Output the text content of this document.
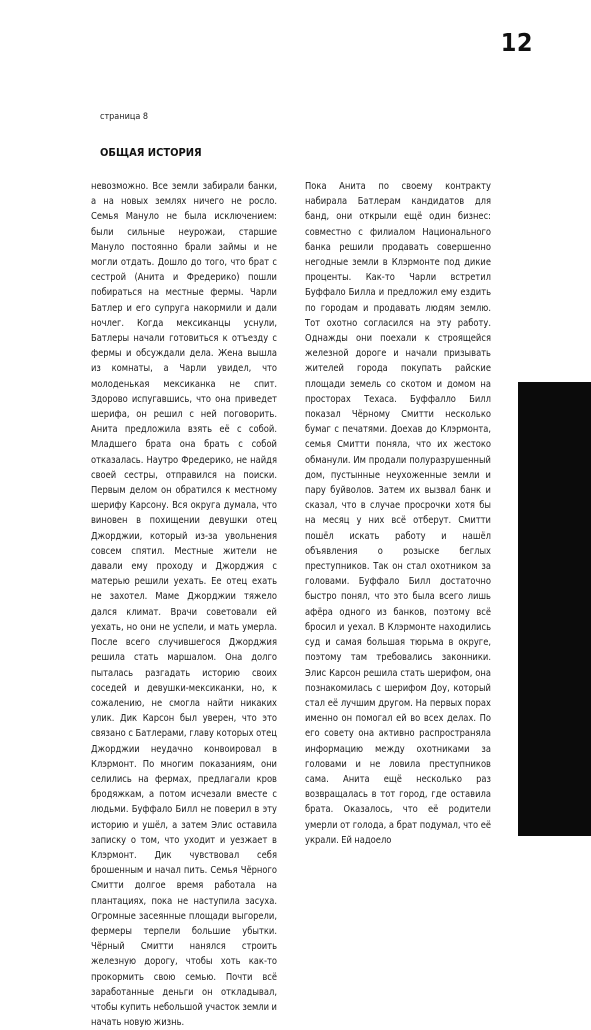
12
страница 8
ОБЩАЯ ИСТОРИЯ

невозможно. Все земли забирали банки, а на новых землях ничего не росло. Семья Мануло не была исключением: были сильные неурожаи, старшие Мануло постоянно брали займы и не могли отдать. Дошло до того, что брат с сестрой (Анита и Фредерико) пошли побираться на местные фермы. Чарли Батлер и его супруга накормили и дали ночлег. Когда мексиканцы уснули, Батлеры начали готовиться к отъезду с фермы и обсуждали дела. Жена вышла из комнаты, а Чарли увидел, что молоденькая мексиканка не спит. Здорово испугавшись, что она приведет шерифа, он решил с ней поговорить. Анита предложила взять её с собой. Младшего брата она брать с собой отказалась. Наутро Фредерико, не найдя своей сестры, отправился на поиски. Первым делом он обратился к местному шерифу Карсону. Вся округа думала, что виновен в похищении девушки отец Джорджии, который из-за увольнения совсем спятил. Местные жители не давали ему проходу и Джорджия с матерью решили уехать. Ее отец ехать не захотел. Маме Джорджии тяжело дался климат. Врачи советовали ей уехать, но они не успели, и мать умерла. После всего случившегося Джорджия решила стать маршалом. Она долго пыталась разгадать историю своих соседей и девушки-мексиканки, но, к сожалению, не смогла найти никаких улик. Дик Карсон был уверен, что это связано с Батлерами, главу которых отец Джорджии неудачно конвоировал в Клэрмонт. По многим показаниям, они селились на фермах, предлагали кров бродяжкам, а потом исчезали вместе с людьми. Буффало Билл не поверил в эту историю и ушёл, а затем Элис оставила записку о том, что уходит и уезжает в Клэрмонт. Дик чувствовал себя брошенным и начал пить. Семья Чёрного Смитти долгое время работала на плантациях, пока не наступила засуха. Огромные засеянные площади выгорели, фермеры терпели большие убытки. Чёрный Смитти нанялся строить железную дорогу, чтобы хоть как-то прокормить свою семью. Почти всё заработанные деньги он откладывал, чтобы купить небольшой участок земли и начать новую жизнь.

Пока Анита по своему контракту набирала Батлерам кандидатов для банд, они открыли ещё один бизнес: совместно с филиалом Национального банка решили продавать совершенно негодные земли в Клэрмонте под дикие проценты. Как-то Чарли встретил Буффало Билла и предложил ему ездить по городам и продавать людям землю. Тот охотно согласился на эту работу. Однажды они поехали к строящейся железной дороге и начали призывать жителей города покупать райские площади земель со скотом и домом на просторах Техаса. Буффалло Билл показал Чёрному Смитти несколько бумаг с печатями. Доехав до Клэрмонта, семья Смитти поняла, что их жестоко обманули. Им продали полуразрушенный дом, пустынные неухоженные земли и пару буйволов. Затем их вызвал банк и сказал, что в случае просрочки хотя бы на месяц у них всё отберут. Смитти пошёл искать работу и нашёл объявления о розыске беглых преступников. Так он стал охотником за головами. Буффало Билл достаточно быстро понял, что это была всего лишь афёра одного из банков, поэтому всё бросил и уехал. В Клэрмонте находились суд и самая большая тюрьма в округе, поэтому там требовались законники. Элис Карсон решила стать шерифом, она познакомилась с шерифом Доу, который стал её лучшим другом. На первых порах именно он помогал ей во всех делах. По его совету она активно распространяла информацию между охотниками за головами и не ловила преступников сама. Анита ещё несколько раз возвращалась в тот город, где оставила брата. Оказалось, что её родители умерли от голода, а брат подумал, что её украли. Ей надоело
